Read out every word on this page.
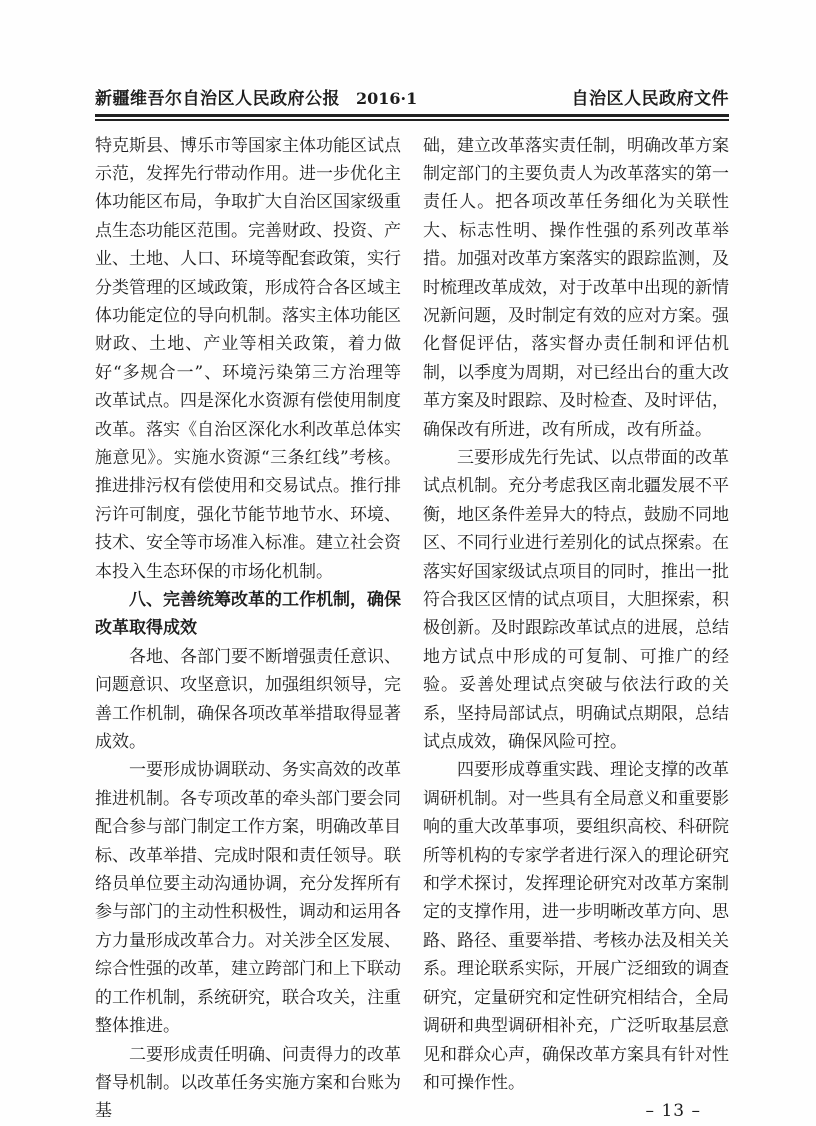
新疆维吾尔自治区人民政府公报 2016·1	自治区人民政府文件

特克斯县、博乐市等国家主体功能区试点示范，发挥先行带动作用。进一步优化主体功能区布局，争取扩大自治区国家级重点生态功能区范围。完善财政、投资、产业、土地、人口、环境等配套政策，实行分类管理的区域政策，形成符合各区域主体功能定位的导向机制。落实主体功能区财政、土地、产业等相关政策，着力做好“多规合一”、环境污染第三方治理等改革试点。四是深化水资源有偿使用制度改革。落实《自治区深化水利改革总体实施意见》。实施水资源“三条红线”考核。推进排污权有偿使用和交易试点。推行排污许可制度，强化节能节地节水、环境、技术、安全等市场准入标准。建立社会资本投入生态环保的市场化机制。

八、完善统筹改革的工作机制，确保改革取得成效

各地、各部门要不断增强责任意识、问题意识、攻坚意识，加强组织领导，完善工作机制，确保各项改革举措取得显著成效。

一要形成协调联动、务实高效的改革推进机制。各专项改革的牵头部门要会同配合参与部门制定工作方案，明确改革目标、改革举措、完成时限和责任领导。联络员单位要主动沟通协调，充分发挥所有参与部门的主动性积极性，调动和运用各方力量形成改革合力。对关涉全区发展、综合性强的改革，建立跨部门和上下联动的工作机制，系统研究，联合攻关，注重整体推进。

二要形成责任明确、问责得力的改革督导机制。以改革任务实施方案和台账为基

础，建立改革落实责任制，明确改革方案制定部门的主要负责人为改革落实的第一责任人。把各项改革任务细化为关联性大、标志性明、操作性强的系列改革举措。加强对改革方案落实的跟踪监测，及时梳理改革成效，对于改革中出现的新情况新问题，及时制定有效的应对方案。强化督促评估，落实督办责任制和评估机制，以季度为周期，对已经出台的重大改革方案及时跟踪、及时检查、及时评估，确保改有所进，改有所成，改有所益。

三要形成先行先试、以点带面的改革试点机制。充分考虑我区南北疆发展不平衡，地区条件差异大的特点，鼓励不同地区、不同行业进行差别化的试点探索。在落实好国家级试点项目的同时，推出一批符合我区区情的试点项目，大胆探索，积极创新。及时跟踪改革试点的进展，总结地方试点中形成的可复制、可推广的经验。妥善处理试点突破与依法行政的关系，坚持局部试点，明确试点期限，总结试点成效，确保风险可控。

四要形成尊重实践、理论支撑的改革调研机制。对一些具有全局意义和重要影响的重大改革事项，要组织高校、科研院所等机构的专家学者进行深入的理论研究和学术探讨，发挥理论研究对改革方案制定的支撑作用，进一步明晰改革方向、思路、路径、重要举措、考核办法及相关关系。理论联系实际，开展广泛细致的调查研究，定量研究和定性研究相结合，全局调研和典型调研相补充，广泛听取基层意见和群众心声，确保改革方案具有针对性和可操作性。

– 13 –
